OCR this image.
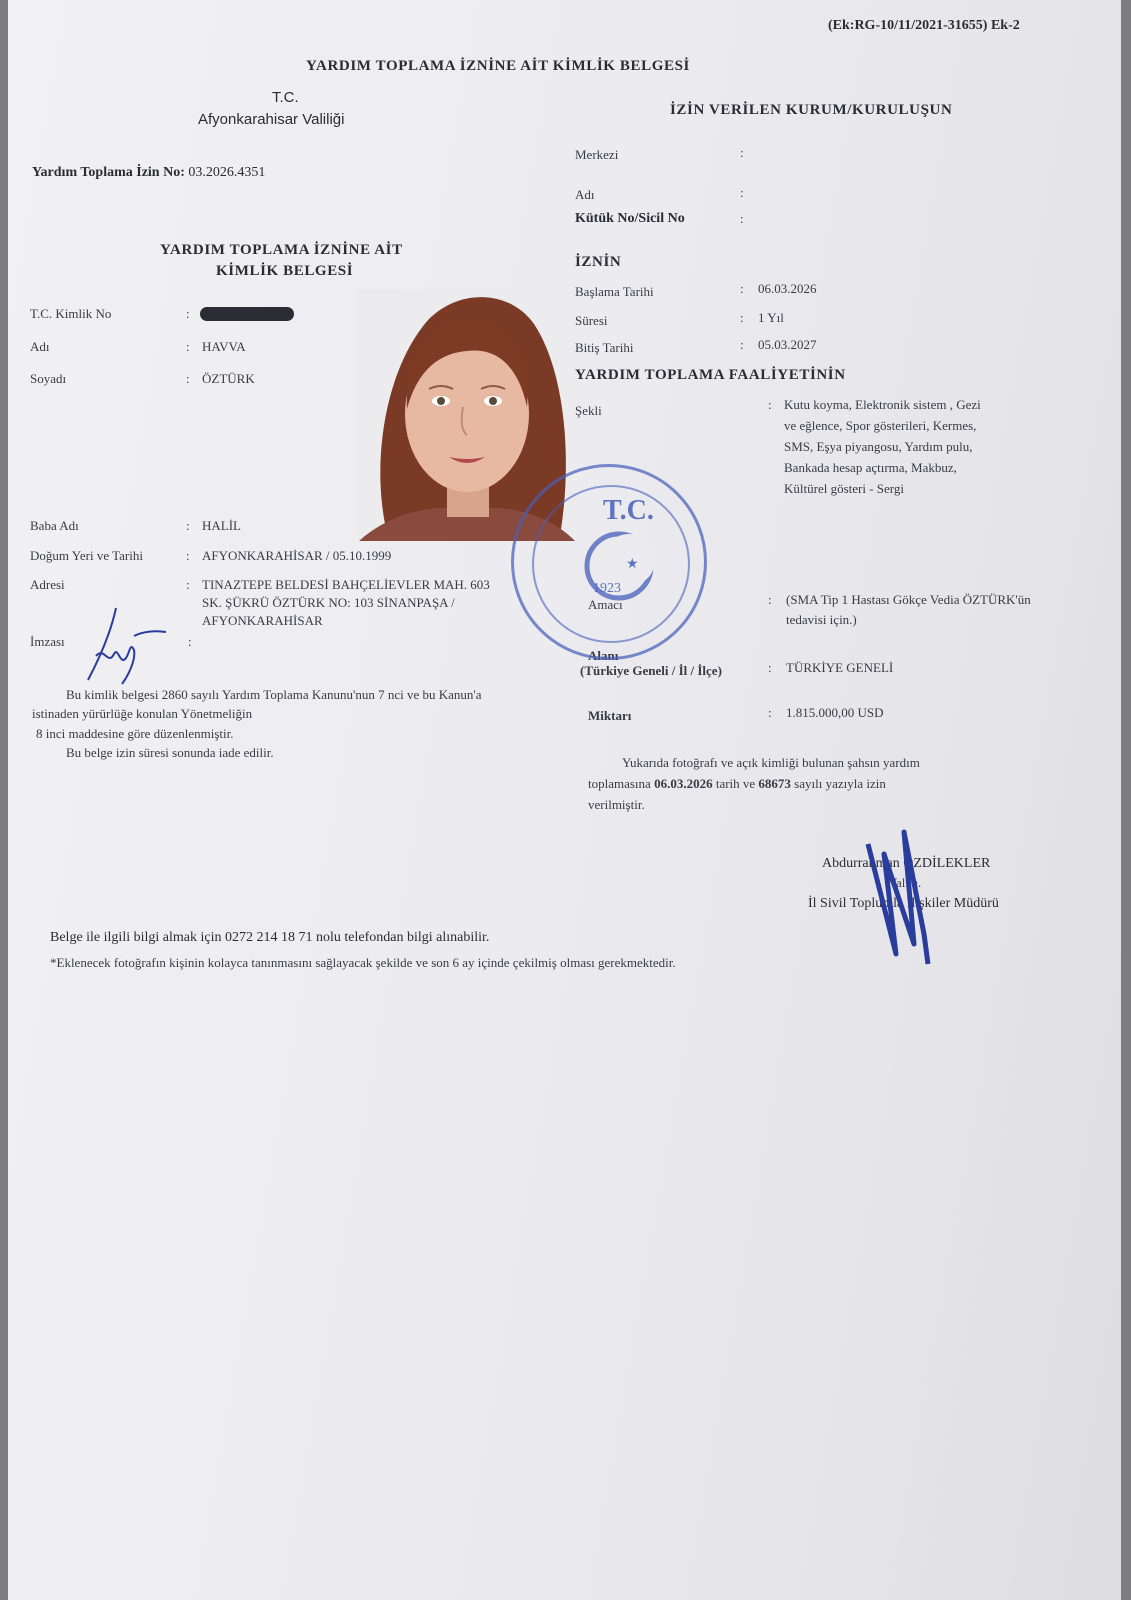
(Ek:RG-10/11/2021-31655) Ek-2
YARDIM TOPLAMA İZNİNE AİT KİMLİK BELGESİ
T.C.
Afyonkarahisar Valiliği
Yardım Toplama İzin No: 03.2026.4351
YARDIM TOPLAMA İZNİNE AİT
KİMLİK BELGESİ
T.C. Kimlik No	:
Adı	: HAVVA
Soyadı	: ÖZTÜRK
Baba Adı	: HALİL
Doğum Yeri ve Tarihi	: AFYONKARAHİSAR / 05.10.1999
Adresi	: TINAZTEPE BELDESİ BAHÇELİEVLER MAH. 603
SK. ŞÜKRÜ ÖZTÜRK NO: 103 SİNANPAŞA /
AFYONKARAHİSAR
İmzası	:
Bu kimlik belgesi 2860 sayılı Yardım Toplama Kanunu'nun 7 nci ve bu Kanun'a
istinaden yürürlüğe konulan Yönetmeliğin
8 inci maddesine göre düzenlenmiştir.
Bu belge izin süresi sonunda iade edilir.
İZİN VERİLEN KURUM/KURULUŞUN
Merkezi	:
Adı	:
Kütük No/Sicil No	:
İZNİN
Başlama Tarihi	: 06.03.2026
Süresi	: 1 Yıl
Bitiş Tarihi	: 05.03.2027
YARDIM TOPLAMA FAALİYETİNİN
Şekli	: Kutu koyma, Elektronik sistem , Gezi
ve eğlence, Spor gösterileri, Kermes,
SMS, Eşya piyangosu, Yardım pulu,
Bankada hesap açtırma, Makbuz,
Kültürel gösteri - Sergi
Amacı	: (SMA Tip 1 Hastası Gökçe Vedia ÖZTÜRK'ün
tedavisi için.)
Alanı
(Türkiye Geneli / İl / İlçe)	: TÜRKİYE GENELİ
Miktarı	: 1.815.000,00 USD
Yukarıda fotoğrafı ve açık kimliği bulunan şahsın yardım
toplamasına 06.03.2026 tarih ve 68673 sayılı yazıyla izin
verilmiştir.
Abdurrahman ÖZDİLEKLER
Vali a.
İl Sivil Toplumla İlişkiler Müdürü
T.C.
★
1923
Belge ile ilgili bilgi almak için 0272 214 18 71 nolu telefondan bilgi alınabilir.
*Eklenecek fotoğrafın kişinin kolayca tanınmasını sağlayacak şekilde ve son 6 ay içinde çekilmiş olması gerekmektedir.
